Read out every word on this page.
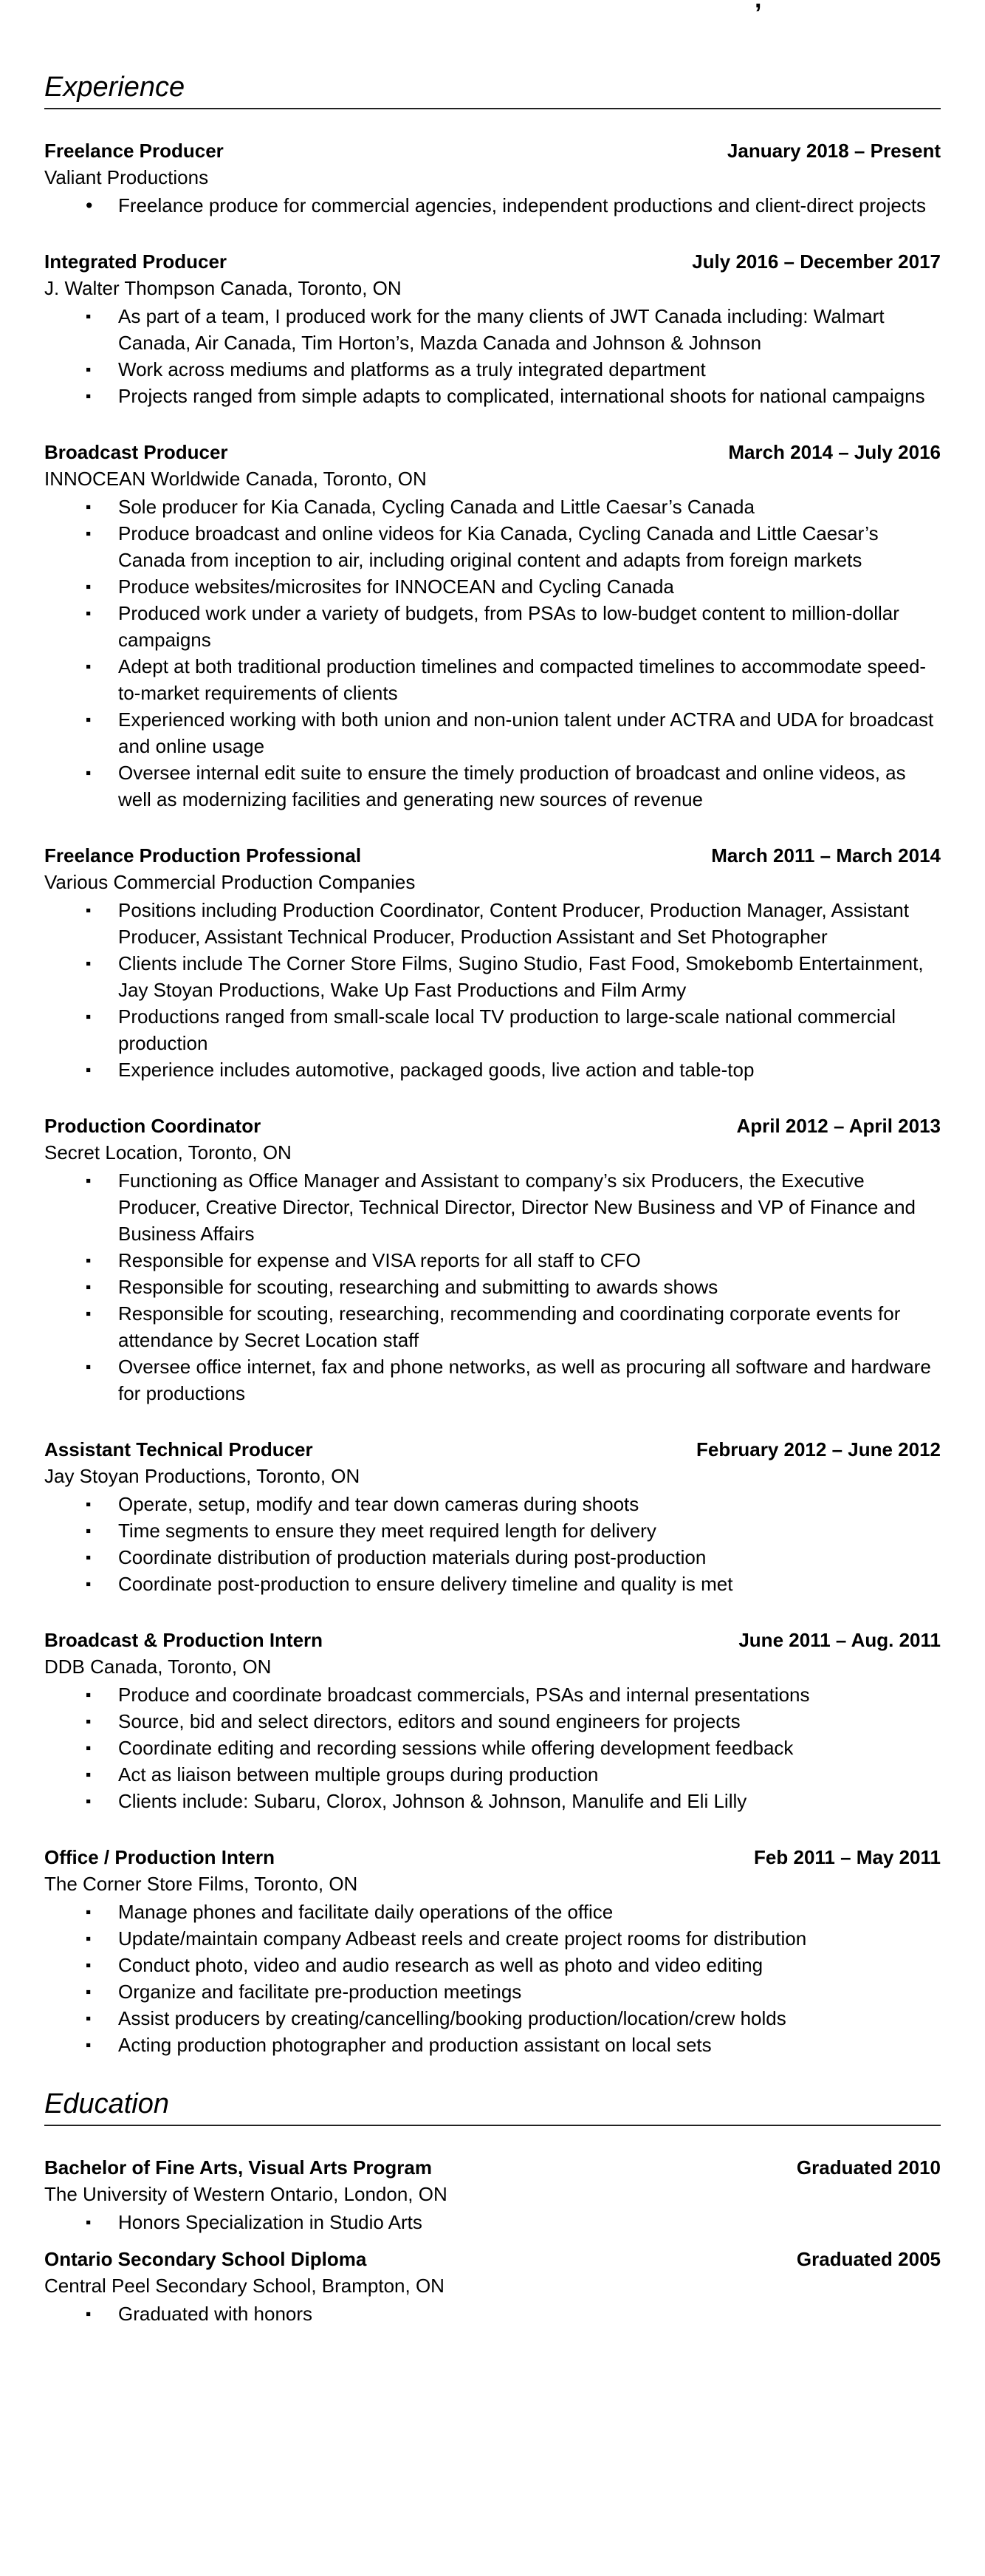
Experience
Freelance Producer	January 2018 – Present
Valiant Productions
• Freelance produce for commercial agencies, independent productions and client-direct projects
Integrated Producer	July 2016 – December 2017
J. Walter Thompson Canada, Toronto, ON
▪ As part of a team, I produced work for the many clients of JWT Canada including: Walmart Canada, Air Canada, Tim Horton’s, Mazda Canada and Johnson & Johnson
▪ Work across mediums and platforms as a truly integrated department
▪ Projects ranged from simple adapts to complicated, international shoots for national campaigns
Broadcast Producer	March 2014 – July 2016
INNOCEAN Worldwide Canada, Toronto, ON
▪ Sole producer for Kia Canada, Cycling Canada and Little Caesar’s Canada
▪ Produce broadcast and online videos for Kia Canada, Cycling Canada and Little Caesar’s Canada from inception to air, including original content and adapts from foreign markets
▪ Produce websites/microsites for INNOCEAN and Cycling Canada
▪ Produced work under a variety of budgets, from PSAs to low-budget content to million-dollar campaigns
▪ Adept at both traditional production timelines and compacted timelines to accommodate speed-to-market requirements of clients
▪ Experienced working with both union and non-union talent under ACTRA and UDA for broadcast and online usage
▪ Oversee internal edit suite to ensure the timely production of broadcast and online videos, as well as modernizing facilities and generating new sources of revenue
Freelance Production Professional	March 2011 – March 2014
Various Commercial Production Companies
▪ Positions including Production Coordinator, Content Producer, Production Manager, Assistant Producer, Assistant Technical Producer, Production Assistant and Set Photographer
▪ Clients include The Corner Store Films, Sugino Studio, Fast Food, Smokebomb Entertainment, Jay Stoyan Productions, Wake Up Fast Productions and Film Army
▪ Productions ranged from small-scale local TV production to large-scale national commercial production
▪ Experience includes automotive, packaged goods, live action and table-top
Production Coordinator	April 2012 – April 2013
Secret Location, Toronto, ON
▪ Functioning as Office Manager and Assistant to company’s six Producers, the Executive Producer, Creative Director, Technical Director, Director New Business and VP of Finance and Business Affairs
▪ Responsible for expense and VISA reports for all staff to CFO
▪ Responsible for scouting, researching and submitting to awards shows
▪ Responsible for scouting, researching, recommending and coordinating corporate events for attendance by Secret Location staff
▪ Oversee office internet, fax and phone networks, as well as procuring all software and hardware for productions
Assistant Technical Producer	February 2012 – June 2012
Jay Stoyan Productions, Toronto, ON
▪ Operate, setup, modify and tear down cameras during shoots
▪ Time segments to ensure they meet required length for delivery
▪ Coordinate distribution of production materials during post-production
▪ Coordinate post-production to ensure delivery timeline and quality is met
Broadcast & Production Intern	June 2011 – Aug. 2011
DDB Canada, Toronto, ON
▪ Produce and coordinate broadcast commercials, PSAs and internal presentations
▪ Source, bid and select directors, editors and sound engineers for projects
▪ Coordinate editing and recording sessions while offering development feedback
▪ Act as liaison between multiple groups during production
▪ Clients include: Subaru, Clorox, Johnson & Johnson, Manulife and Eli Lilly
Office / Production Intern	Feb 2011 – May 2011
The Corner Store Films, Toronto, ON
▪ Manage phones and facilitate daily operations of the office
▪ Update/maintain company Adbeast reels and create project rooms for distribution
▪ Conduct photo, video and audio research as well as photo and video editing
▪ Organize and facilitate pre-production meetings
▪ Assist producers by creating/cancelling/booking production/location/crew holds
▪ Acting production photographer and production assistant on local sets
Education
Bachelor of Fine Arts, Visual Arts Program	Graduated 2010
The University of Western Ontario, London, ON
▪ Honors Specialization in Studio Arts
Ontario Secondary School Diploma	Graduated 2005
Central Peel Secondary School, Brampton, ON
▪ Graduated with honors
